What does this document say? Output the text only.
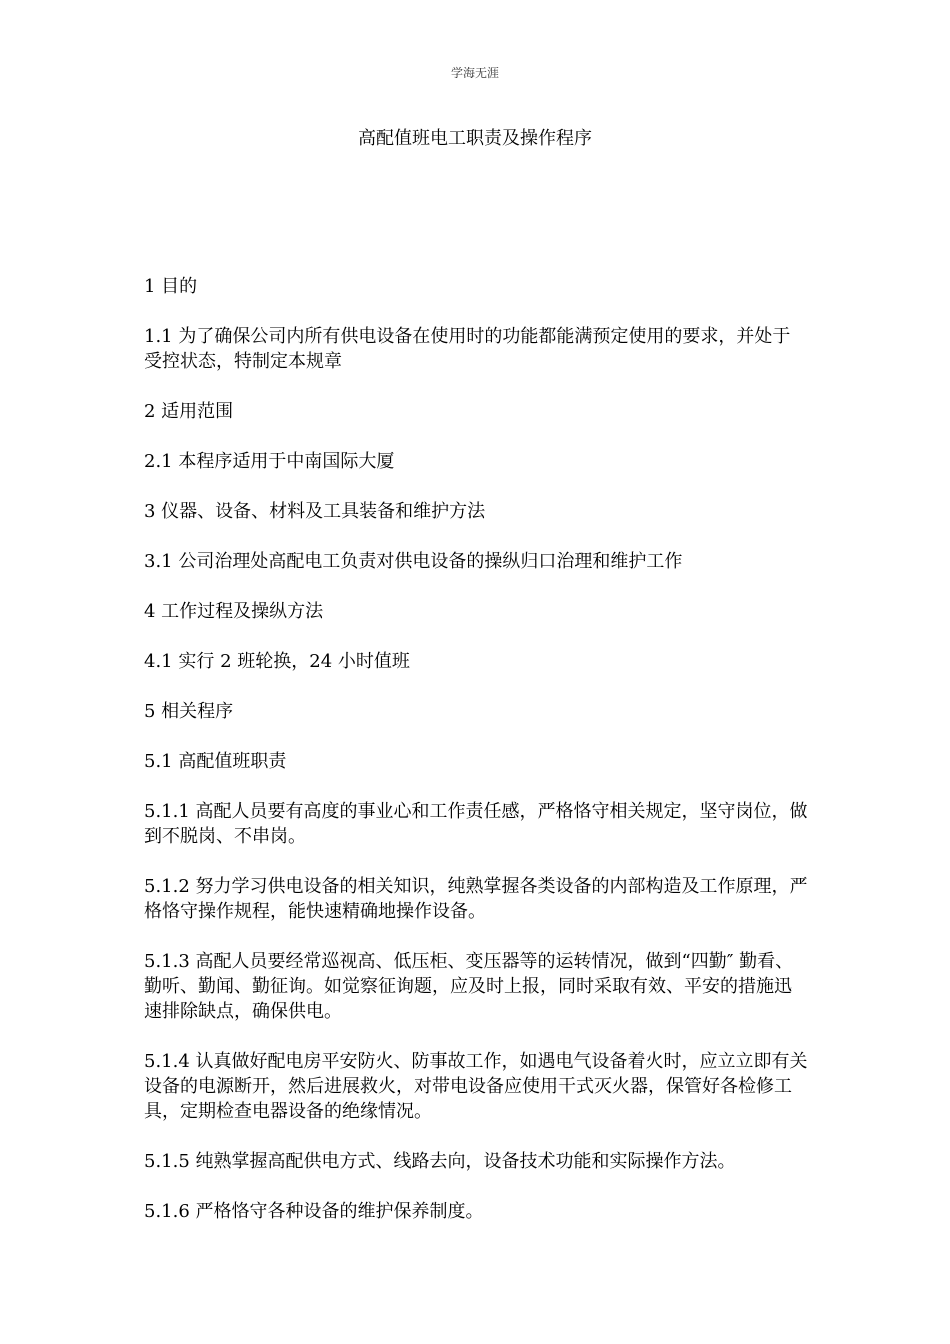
学海无涯
高配值班电工职责及操作程序

1 目的

1.1 为了确保公司内所有供电设备在使用时的功能都能满预定使用的要求，并处于受控状态，特制定本规章

2 适用范围

2.1 本程序适用于中南国际大厦

3 仪器、设备、材料及工具装备和维护方法

3.1 公司治理处高配电工负责对供电设备的操纵归口治理和维护工作

4 工作过程及操纵方法

4.1 实行 2 班轮换，24 小时值班

5 相关程序

5.1 高配值班职责

5.1.1 高配人员要有高度的事业心和工作责任感，严格恪守相关规定，坚守岗位，做到不脱岗、不串岗。

5.1.2 努力学习供电设备的相关知识，纯熟掌握各类设备的内部构造及工作原理，严格恪守操作规程，能快速精确地操作设备。

5.1.3 高配人员要经常巡视高、低压柜、变压器等的运转情况，做到“四勤″ 勤看、勤听、勤闻、勤征询。如觉察征询题，应及时上报，同时采取有效、平安的措施迅速排除缺点，确保供电。

5.1.4 认真做好配电房平安防火、防事故工作，如遇电气设备着火时，应立立即有关设备的电源断开，然后进展救火，对带电设备应使用干式灭火器，保管好各检修工具，定期检查电器设备的绝缘情况。

5.1.5 纯熟掌握高配供电方式、线路去向，设备技术功能和实际操作方法。

5.1.6 严格恪守各种设备的维护保养制度。
